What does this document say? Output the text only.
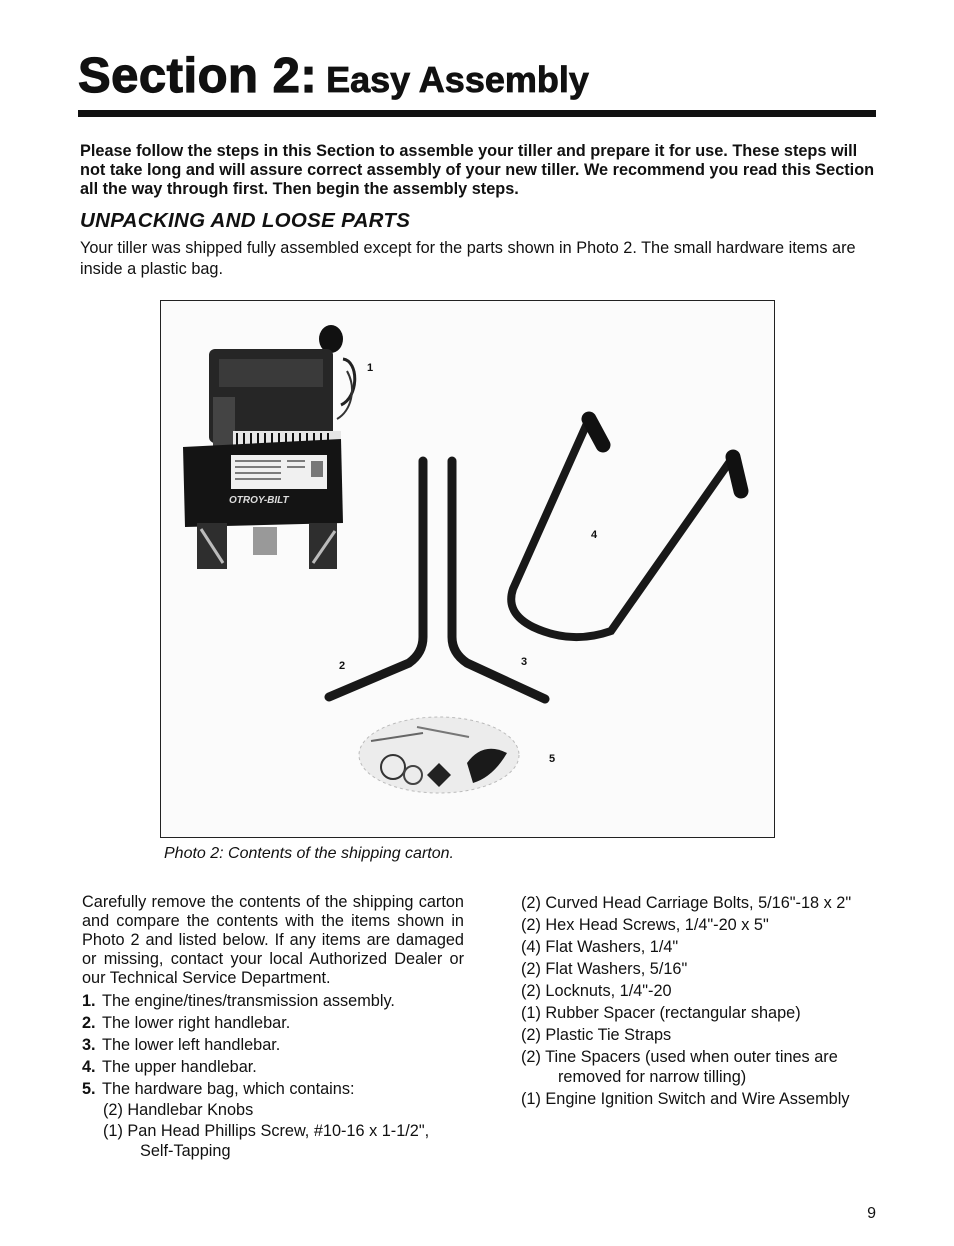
Section 2: Easy Assembly

Please follow the steps in this Section to assemble your tiller and prepare it for use. These steps will not take long and will assure correct assembly of your new tiller. We recommend you read this Section all the way through first. Then begin the assembly steps.

UNPACKING AND LOOSE PARTS

Your tiller was shipped fully assembled except for the parts shown in Photo 2. The small hardware items are inside a plastic bag.

OTROY-BILT
1
2	3
4
5

Photo 2: Contents of the shipping carton.

Carefully remove the contents of the shipping carton and compare the contents with the items shown in Photo 2 and listed below. If any items are damaged or missing, contact your local Authorized Dealer or our Technical Service Department.

1. The engine/tines/transmission assembly.
2. The lower right handlebar.
3. The lower left handlebar.
4. The upper handlebar.
5. The hardware bag, which contains:
(2) Handlebar Knobs
(1) Pan Head Phillips Screw, #10-16 x 1-1/2", Self-Tapping
(2) Curved Head Carriage Bolts, 5/16"-18 x 2"
(2) Hex Head Screws, 1/4"-20 x 5"
(4) Flat Washers, 1/4"
(2) Flat Washers, 5/16"
(2) Locknuts, 1/4"-20
(1) Rubber Spacer (rectangular shape)
(2) Plastic Tie Straps
(2) Tine Spacers (used when outer tines are removed for narrow tilling)
(1) Engine Ignition Switch and Wire Assembly

9
